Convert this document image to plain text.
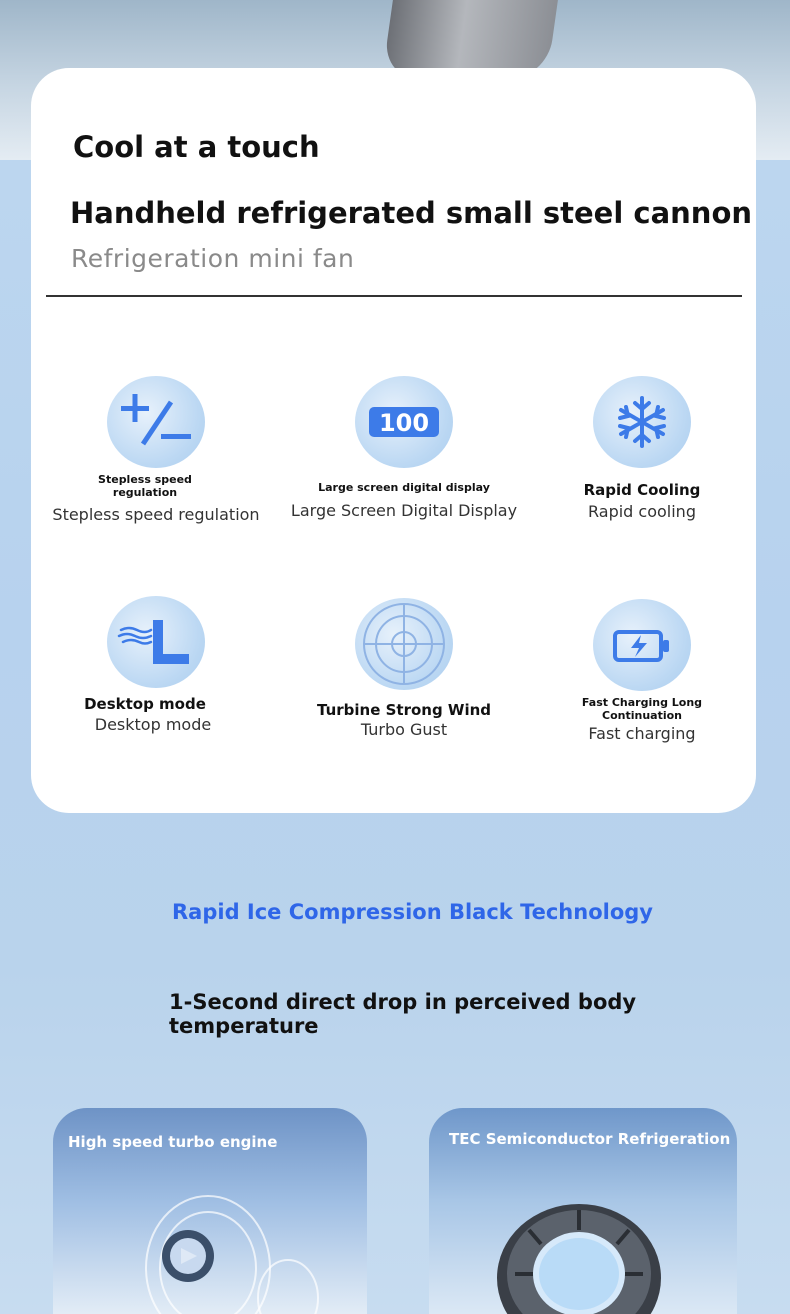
Cool at a touch
Handheld refrigerated small steel cannon
Refrigeration mini fan
Stepless speed
regulation
Stepless speed regulation
100
Large screen digital display
Large Screen Digital Display
Rapid Cooling
Rapid cooling
Desktop mode
Desktop mode
Turbine Strong Wind
Turbo Gust
Fast Charging Long
Continuation
Fast charging
Rapid Ice Compression Black Technology
1-Second direct drop in perceived body temperature
High speed turbo engine	TEC Semiconductor Refrigeration
